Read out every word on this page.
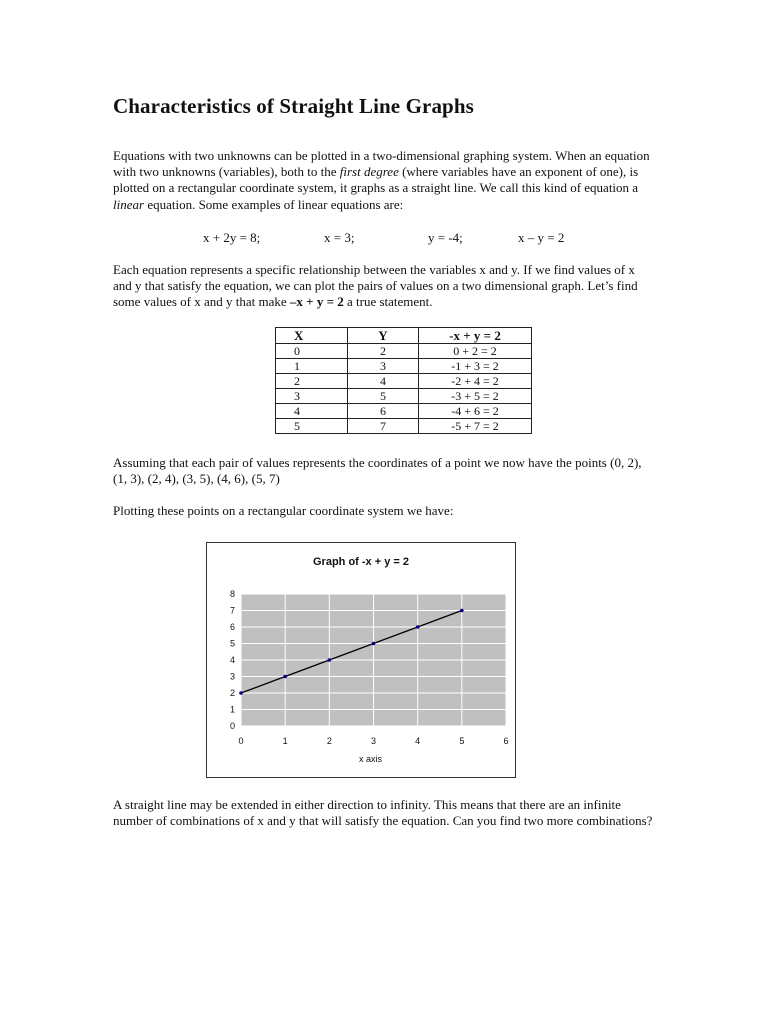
Characteristics of Straight Line Graphs

Equations with two unknowns can be plotted in a two-dimensional graphing system. When an equation with two unknowns (variables), both to the first degree (where variables have an exponent of one), is plotted on a rectangular coordinate system, it graphs as a straight line. We call this kind of equation a linear equation. Some examples of linear equations are:

x + 2y = 8;	x = 3;	y = -4;	x – y = 2

Each equation represents a specific relationship between the variables x and y. If we find values of x and y that satisfy the equation, we can plot the pairs of values on a two dimensional graph. Let’s find some values of x and y that make –x + y = 2 a true statement.

X	Y	-x + y = 2
0	2	0 + 2 = 2
1	3	-1 + 3 = 2
2	4	-2 + 4 = 2
3	5	-3 + 5 = 2
4	6	-4 + 6 = 2
5	7	-5 + 7 = 2

Assuming that each pair of values represents the coordinates of a point we now have the points (0, 2), (1, 3), (2, 4), (3, 5), (4, 6), (5, 7)

Plotting these points on a rectangular coordinate system we have:

Graph of -x + y = 2
0
1
2
3
4
5
6
7
8
0	1	2	3	4	5	6
x axis

A straight line may be extended in either direction to infinity. This means that there are an infinite number of combinations of x and y that will satisfy the equation. Can you find two more combinations?
